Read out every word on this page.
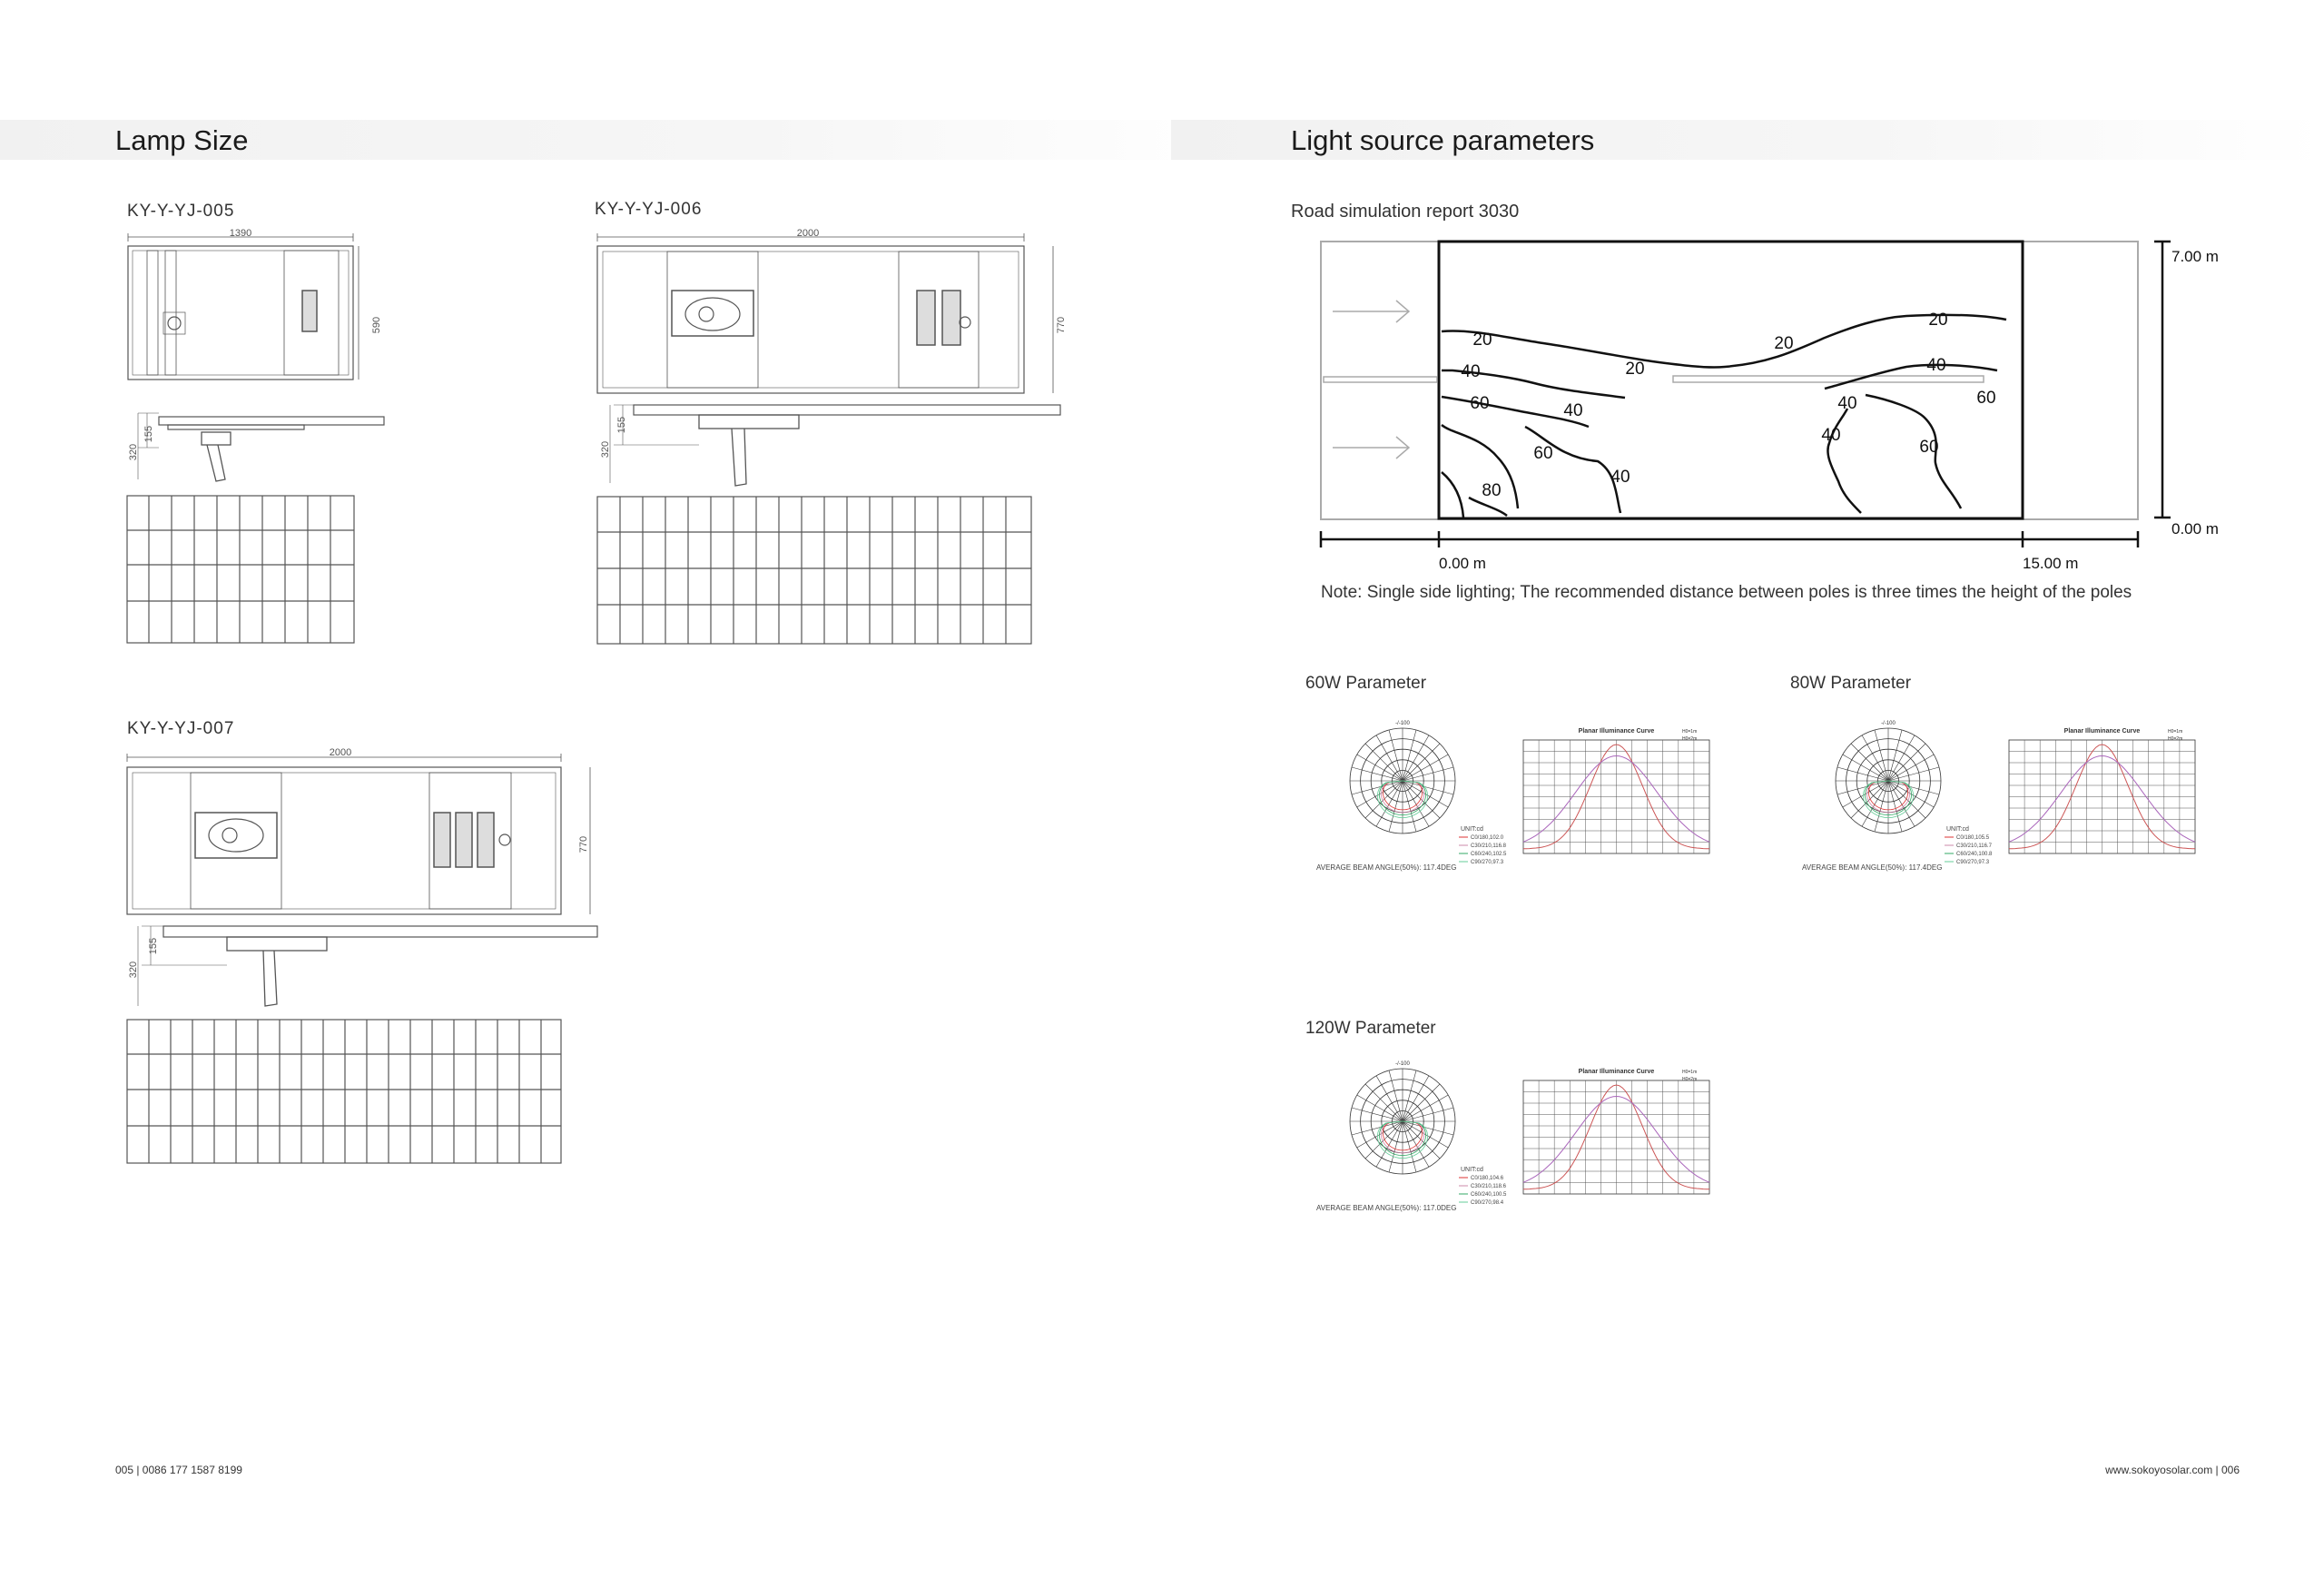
Lamp Size	Light source parameters
KY-Y-YJ-005	KY-Y-YJ-006
KY-Y-YJ-007
1390
590
155
320
2000
770
155
320
2000
770
155
320
Road simulation report 3030
20
20
20
20
40
40	40
40
40
40
60
60	60
60
80
7.00 m
0.00 m
0.00 m	15.00 m
Note: Single side lighting; The recommended distance between poles is three times the height of the poles
60W Parameter	80W Parameter
120W Parameter
-/-100
UNIT:cd
C0/180,102.0
C30/210,116.8
C60/240,102.5
C90/270,97.3
AVERAGE BEAM ANGLE(50%): 117.4DEG
Planar Illuminance Curve	H0=1m
H0=2m
-/-100
UNIT:cd
C0/180,105.5
C30/210,116.7
C60/240,100.8
C90/270,97.3
AVERAGE BEAM ANGLE(50%): 117.4DEG
Planar Illuminance Curve	H0=1m
H0=2m
-/-100
UNIT:cd
C0/180,104.6
C30/210,118.6
C60/240,100.5
C90/270,98.4
AVERAGE BEAM ANGLE(50%): 117.0DEG
Planar Illuminance Curve	H0=1m
H0=2m
005 | 0086 177 1587 8199	www.sokoyosolar.com | 006
